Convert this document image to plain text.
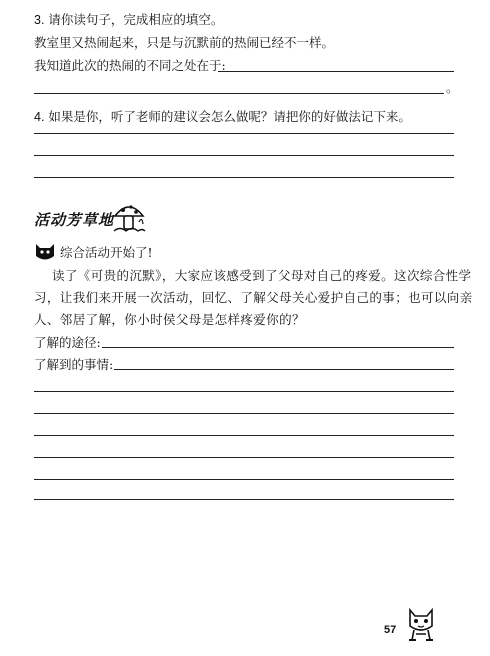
3. 请你读句子，完成相应的填空。
教室里又热闹起来，只是与沉默前的热闹已经不一样。
我知道此次的热闹的不同之处在于:
。
4. 如果是你，听了老师的建议会怎么做呢？请把你的好做法记下来。
活动芳草地
综合活动开始了!
读了《可贵的沉默》，大家应该感受到了父母对自己的疼爱。这次综合性学
习，让我们来开展一次活动，回忆、了解父母关心爱护自己的事；也可以向亲
人、邻居了解，你小时侯父母是怎样疼爱你的？
了解的途径:
了解到的事情:
57
